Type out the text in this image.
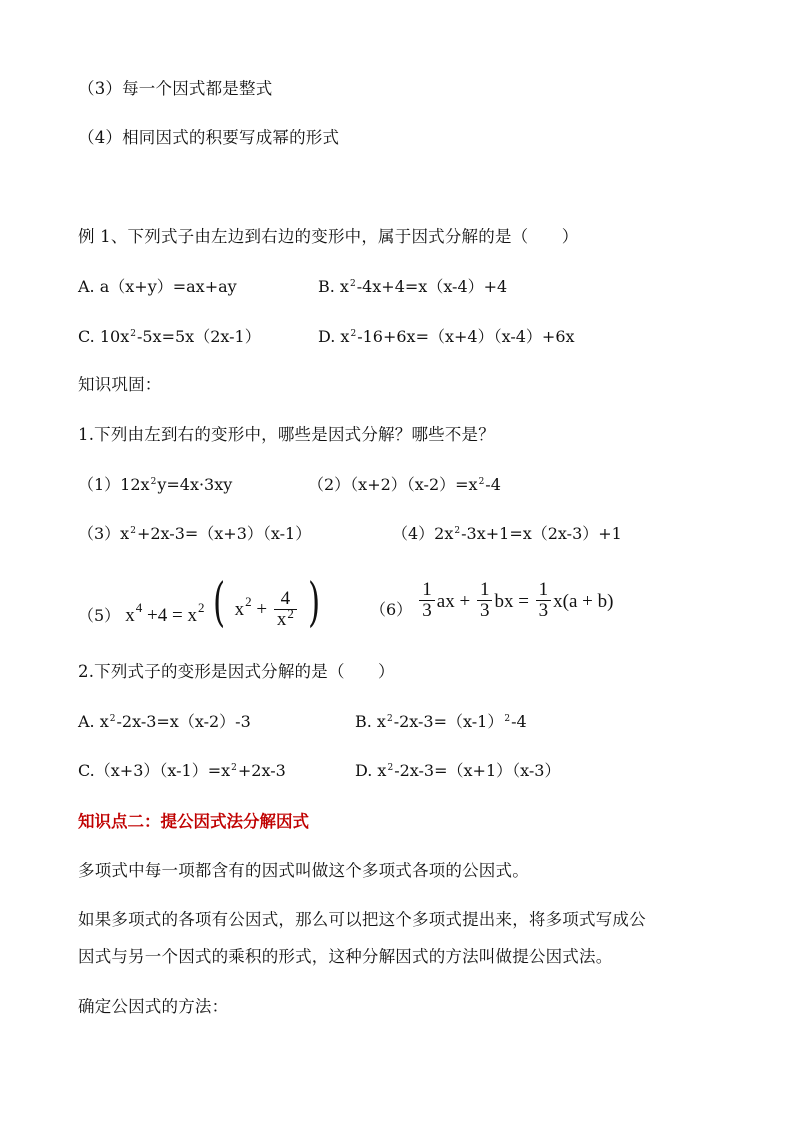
（3）每一个因式都是整式
（4）相同因式的积要写成幂的形式
例 1、下列式子由左边到右边的变形中，属于因式分解的是（　　）
A. a（x+y）=ax+ay	B. $x^2-4x+4=x(x-4)+4$
C. $10x^2-5x=5x(2x-1)$	D. $x^2-16+6x=(x+4)(x-4)+6x$
知识巩固：
1.下列由左到右的变形中，哪些是因式分解？哪些不是？
$(1)12x^2y=4x\cdot 3xy$	$(2)(x+2)(x-2)=x^2-4$
$(3)x^2+2x-3=(x+3)(x-1)$	$(4)2x^2-3x+1=x(2x-3)+1$
（5） $x^4 +4 = x^2$ ( $x^2 + \frac{4}{x^2}$ )	$(6) \frac{1}{3}$ ax + $\frac{1}{3}$ bx = $\frac{1}{3} x(a + b)$
2.下列式子的变形是因式分解的是（　　）
A. $x^2-2x-3=x(x-2)-3$	B. $x^2-2x-3=(x-1)^2-4$
$C.(x+3)(x-1)=x^2+2x-3$	D. $x^2-2x-3=(x+1)(x-3)$
知识点二：提公因式法分解因式
多项式中每一项都含有的因式叫做这个多项式各项的公因式。
如果多项式的各项有公因式，那么可以把这个多项式提出来，将多项式写成公
因式与另一个因式的乘积的形式，这种分解因式的方法叫做提公因式法。
确定公因式的方法：
